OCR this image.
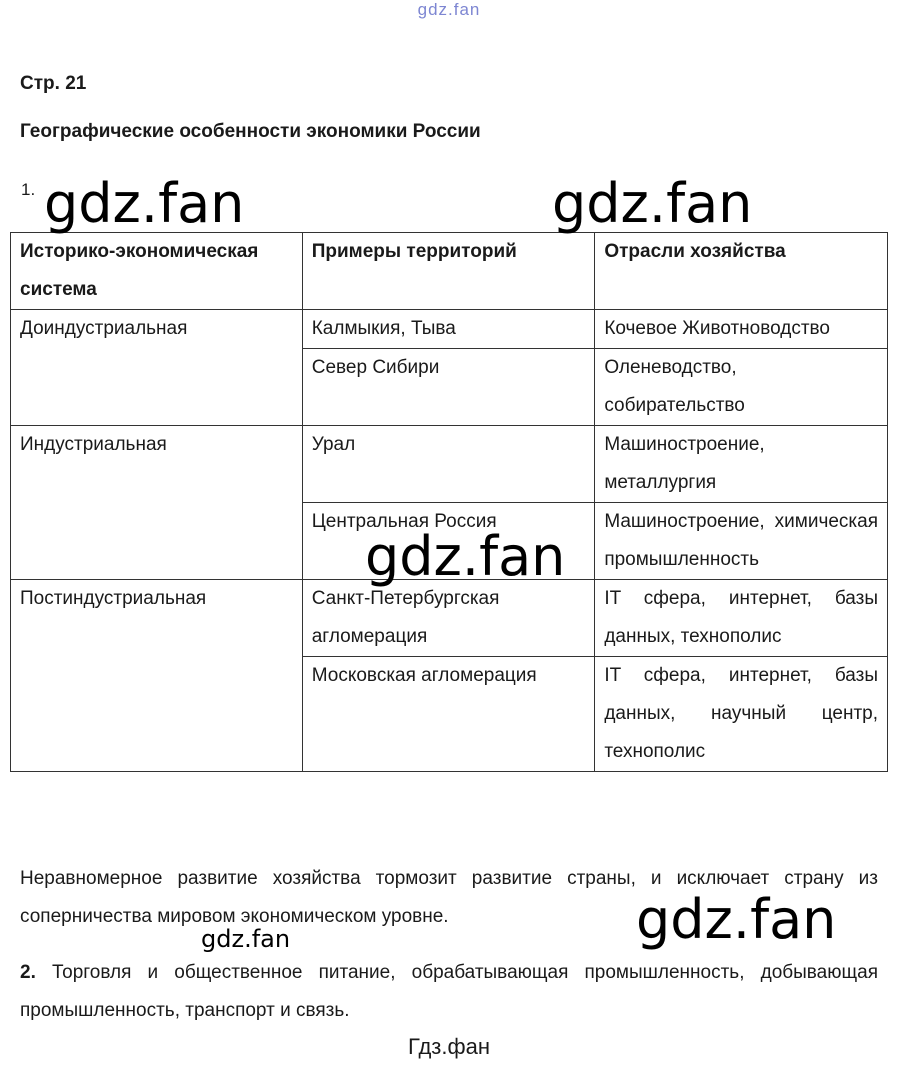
gdz.fan
Стр. 21
Географические особенности экономики России
1.
Историко-экономическая система	Примеры территорий	Отрасли хозяйства
Доиндустриальная	Калмыкия, Тыва	Кочевое Животноводство
	Север Сибири	Оленеводство, собирательство
Индустриальная	Урал	Машиностроение, металлургия
	Центральная Россия	Машиностроение, химическая промышленность
Постиндустриальная	Санкт-Петербургская агломерация	IT сфера, интернет, базы данных, технополис
	Московская агломерация	IT сфера, интернет, базы данных, научный центр, технополис
Неравномерное развитие хозяйства тормозит развитие страны, и исключает страну из соперничества мировом экономическом уровне.
2. Торговля и общественное питание, обрабатывающая промышленность, добывающая промышленность, транспорт и связь.
Гдз.фан
gdz.fan	gdz.fan
gdz.fan
gdz.fan
gdz.fan
